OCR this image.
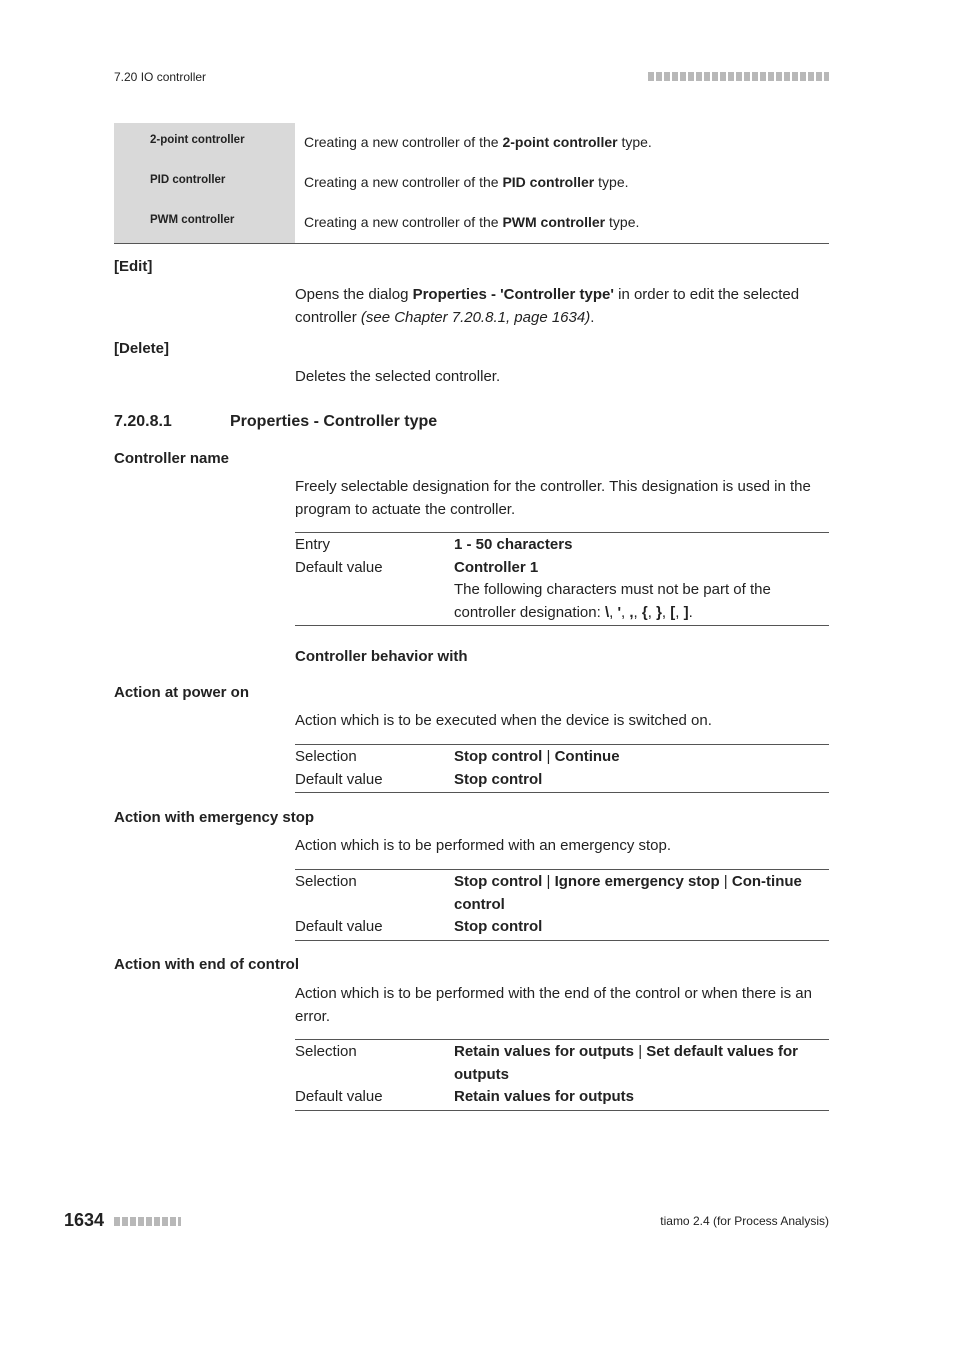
7.20 IO controller
2-point controller	Creating a new controller of the 2-point controller type.
PID controller	Creating a new controller of the PID controller type.
PWM controller	Creating a new controller of the PWM controller type.
[Edit]
Opens the dialog Properties - 'Controller type' in order to edit the selected controller (see Chapter 7.20.8.1, page 1634).
[Delete]
Deletes the selected controller.
7.20.8.1	Properties - Controller type
Controller name
Freely selectable designation for the controller. This designation is used in the program to actuate the controller.
Entry	1 - 50 characters
Default value	Controller 1
The following characters must not be part of the controller designation: \, ', ,, {, }, [, ].
Controller behavior with
Action at power on
Action which is to be executed when the device is switched on.
Selection	Stop control | Continue
Default value	Stop control
Action with emergency stop
Action which is to be performed with an emergency stop.
Selection	Stop control | Ignore emergency stop | Con-tinue control
Default value	Stop control
Action with end of control
Action which is to be performed with the end of the control or when there is an error.
Selection	Retain values for outputs | Set default values for outputs
Default value	Retain values for outputs
1634	tiamo 2.4 (for Process Analysis)
